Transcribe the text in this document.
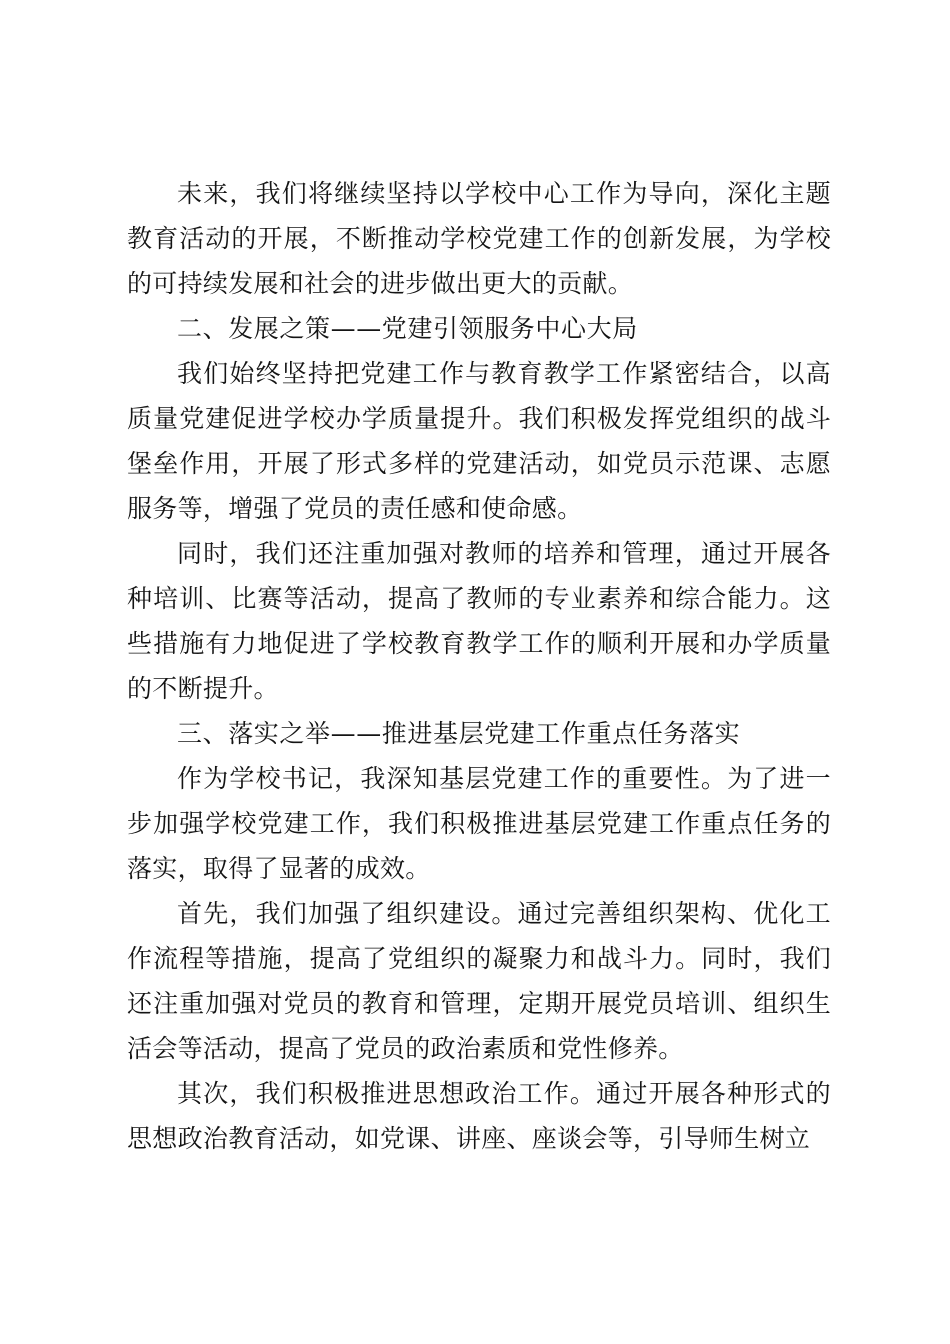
未来，我们将继续坚持以学校中心工作为导向，深化主题教育活动的开展，不断推动学校党建工作的创新发展，为学校的可持续发展和社会的进步做出更大的贡献。

二、发展之策——党建引领服务中心大局

我们始终坚持把党建工作与教育教学工作紧密结合，以高质量党建促进学校办学质量提升。我们积极发挥党组织的战斗堡垒作用，开展了形式多样的党建活动，如党员示范课、志愿服务等，增强了党员的责任感和使命感。

同时，我们还注重加强对教师的培养和管理，通过开展各种培训、比赛等活动，提高了教师的专业素养和综合能力。这些措施有力地促进了学校教育教学工作的顺利开展和办学质量的不断提升。

三、落实之举——推进基层党建工作重点任务落实

作为学校书记，我深知基层党建工作的重要性。为了进一步加强学校党建工作，我们积极推进基层党建工作重点任务的落实，取得了显著的成效。

首先，我们加强了组织建设。通过完善组织架构、优化工作流程等措施，提高了党组织的凝聚力和战斗力。同时，我们还注重加强对党员的教育和管理，定期开展党员培训、组织生活会等活动，提高了党员的政治素质和党性修养。

其次，我们积极推进思想政治工作。通过开展各种形式的思想政治教育活动，如党课、讲座、座谈会等，引导师生树立
